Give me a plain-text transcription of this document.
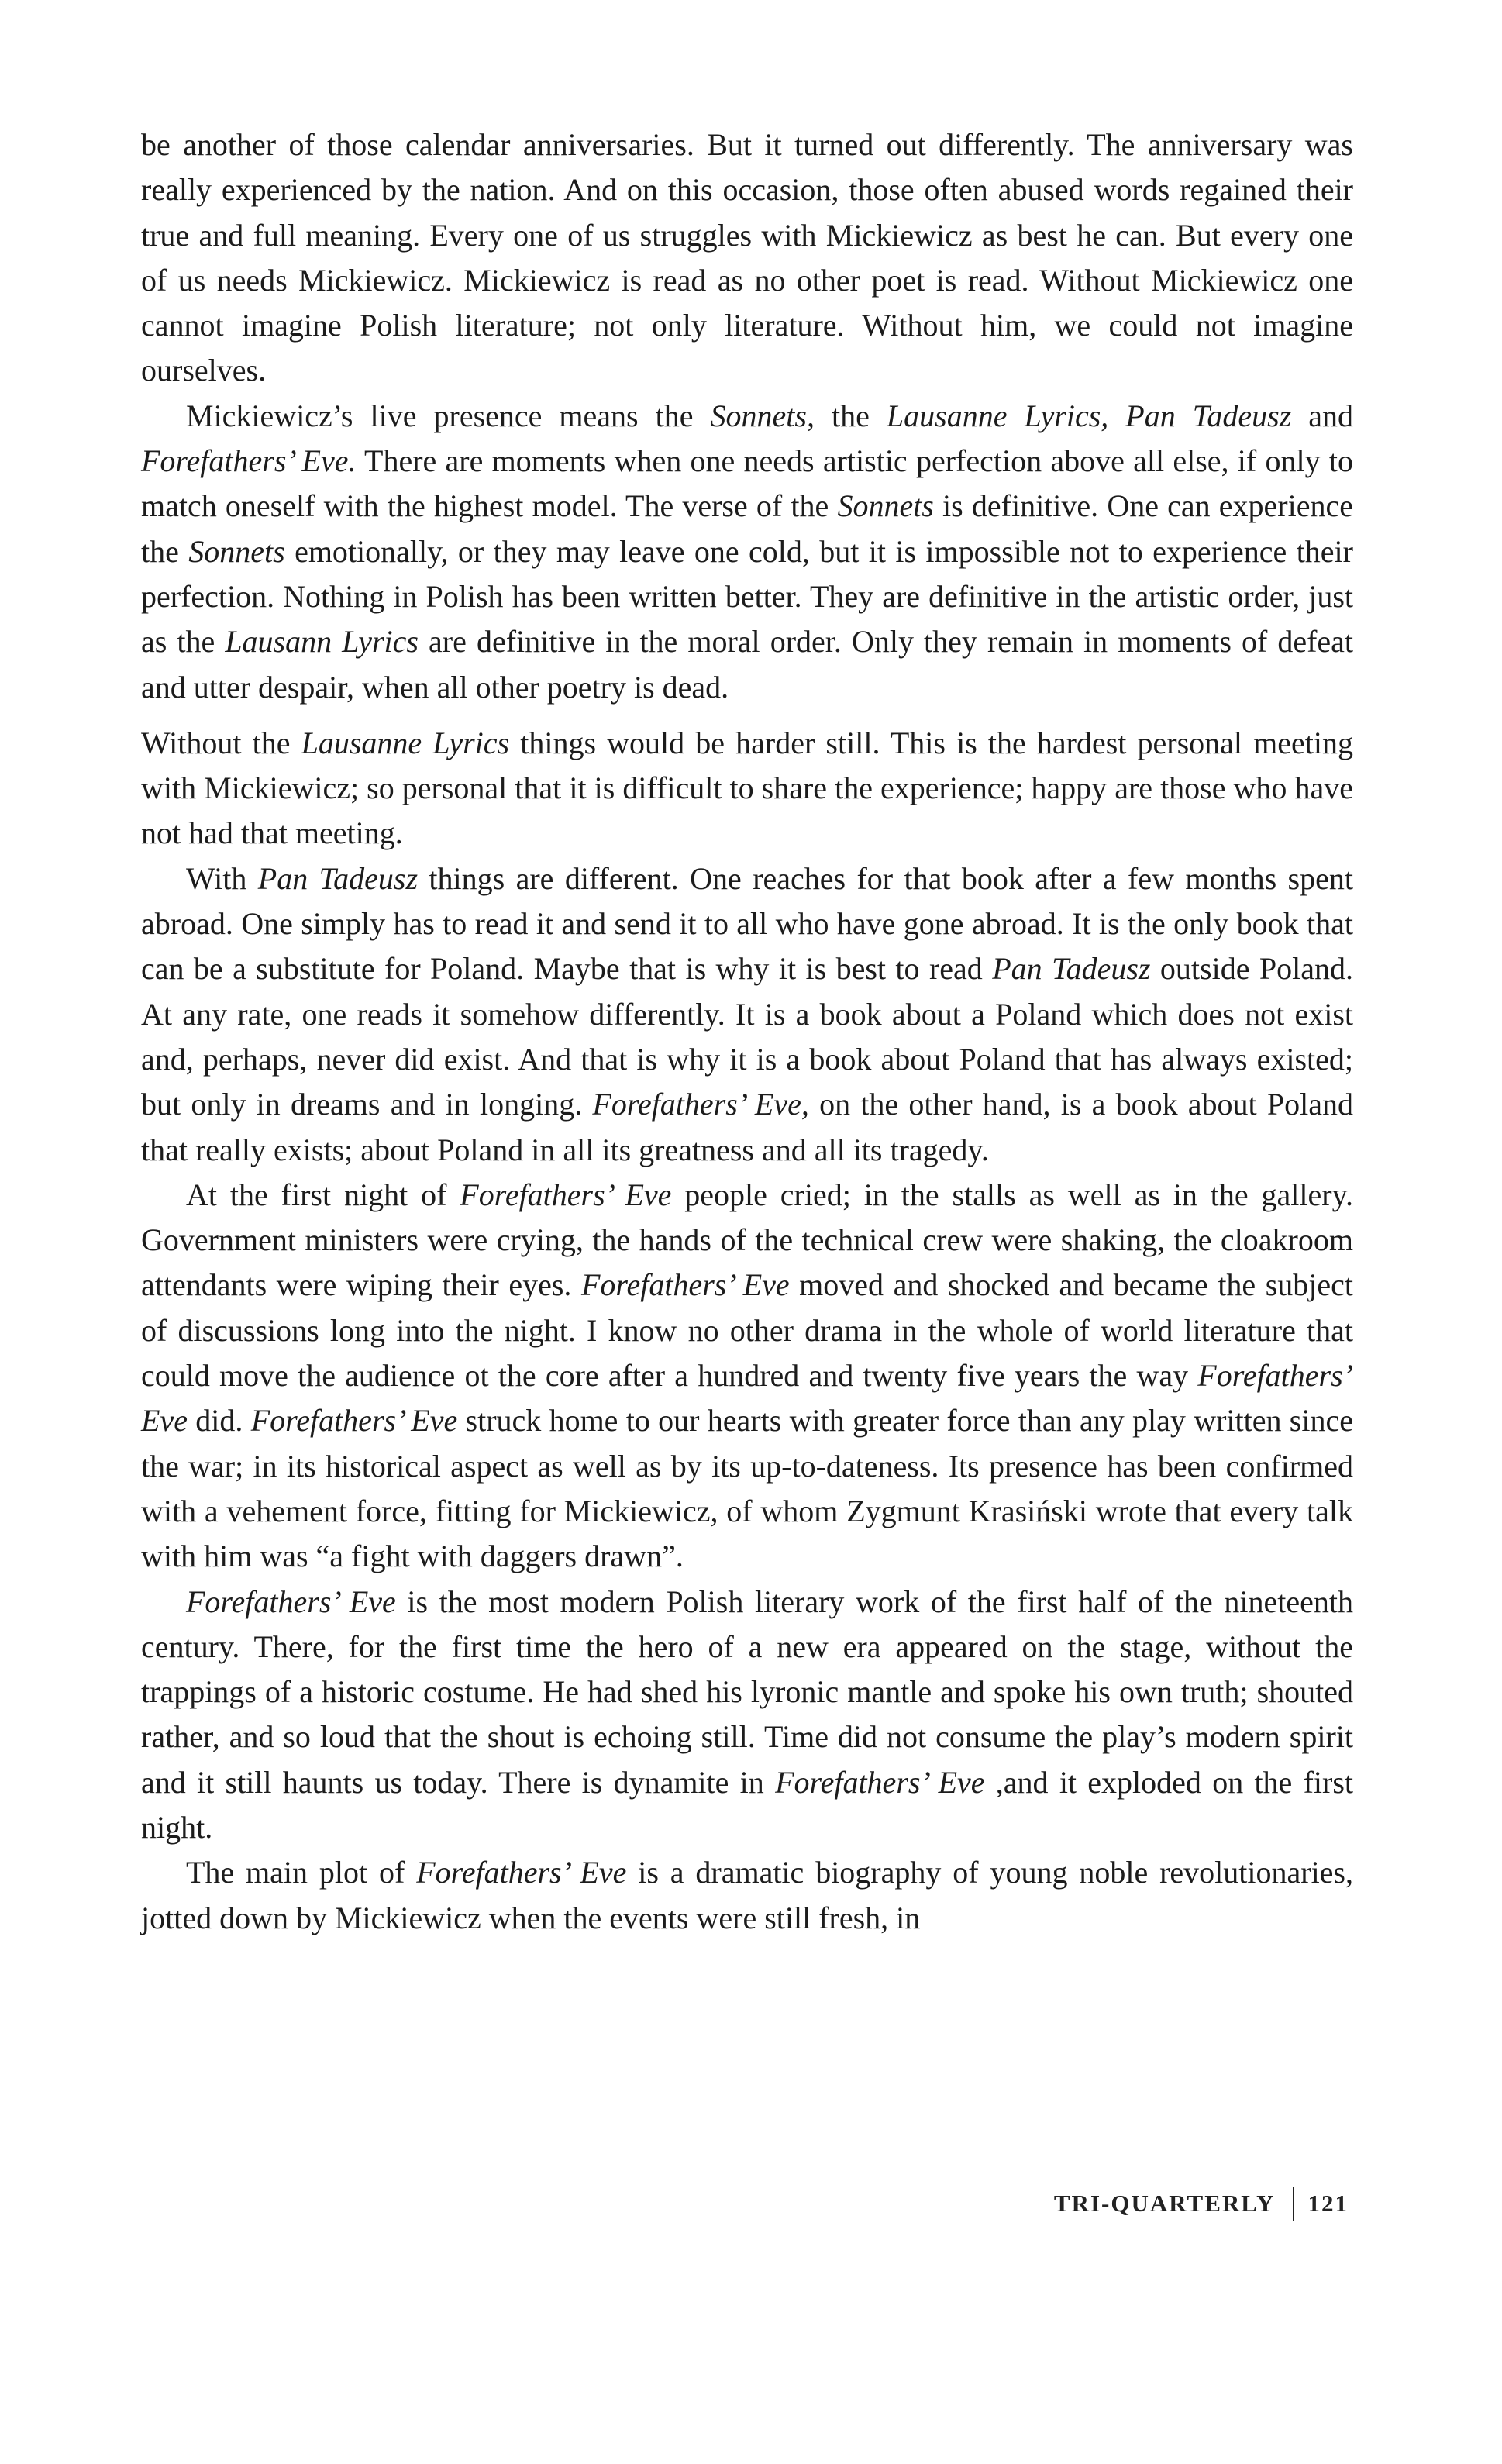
be another of those calendar anniversaries. But it turned out differently. The anniversary was really experienced by the nation. And on this occasion, those often abused words regained their true and full meaning. Every one of us struggles with Mickiewicz as best he can. But every one of us needs Mickiewicz. Mickiewicz is read as no other poet is read. Without Mickiewicz one cannot imagine Polish literature; not only literature. Without him, we could not imagine ourselves.

Mickiewicz’s live presence means the Sonnets, the Lausanne Lyrics, Pan Tadeusz and Forefathers’ Eve. There are moments when one needs artistic perfection above all else, if only to match oneself with the highest model. The verse of the Sonnets is definitive. One can experience the Sonnets emotionally, or they may leave one cold, but it is impossible not to experience their perfection. Nothing in Polish has been written better. They are definitive in the artistic order, just as the Lausann Lyrics are definitive in the moral order. Only they remain in moments of defeat and utter despair, when all other poetry is dead.

Without the Lausanne Lyrics things would be harder still. This is the hardest personal meeting with Mickiewicz; so personal that it is difficult to share the experience; happy are those who have not had that meeting.

With Pan Tadeusz things are different. One reaches for that book after a few months spent abroad. One simply has to read it and send it to all who have gone abroad. It is the only book that can be a substitute for Poland. Maybe that is why it is best to read Pan Tadeusz outside Poland. At any rate, one reads it somehow differently. It is a book about a Poland which does not exist and, perhaps, never did exist. And that is why it is a book about Poland that has always existed; but only in dreams and in longing. Forefathers’ Eve, on the other hand, is a book about Poland that really exists; about Poland in all its greatness and all its tragedy.

At the first night of Forefathers’ Eve people cried; in the stalls as well as in the gallery. Government ministers were crying, the hands of the technical crew were shaking, the cloakroom attendants were wiping their eyes. Forefathers’ Eve moved and shocked and became the subject of discussions long into the night. I know no other drama in the whole of world literature that could move the audience ot the core after a hundred and twenty five years the way Forefathers’ Eve did. Forefathers’ Eve struck home to our hearts with greater force than any play written since the war; in its historical aspect as well as by its up-to-dateness. Its presence has been confirmed with a vehement force, fitting for Mickiewicz, of whom Zygmunt Krasiński wrote that every talk with him was “a fight with daggers drawn”.

Forefathers’ Eve is the most modern Polish literary work of the first half of the nineteenth century. There, for the first time the hero of a new era appeared on the stage, without the trappings of a historic costume. He had shed his lyronic mantle and spoke his own truth; shouted rather, and so loud that the shout is echoing still. Time did not consume the play’s modern spirit and it still haunts us today. There is dynamite in Forefathers’ Eve ,and it exploded on the first night.

The main plot of Forefathers’ Eve is a dramatic biography of young noble revolutionaries, jotted down by Mickiewicz when the events were still fresh, in

TRI-QUARTERLY 121
